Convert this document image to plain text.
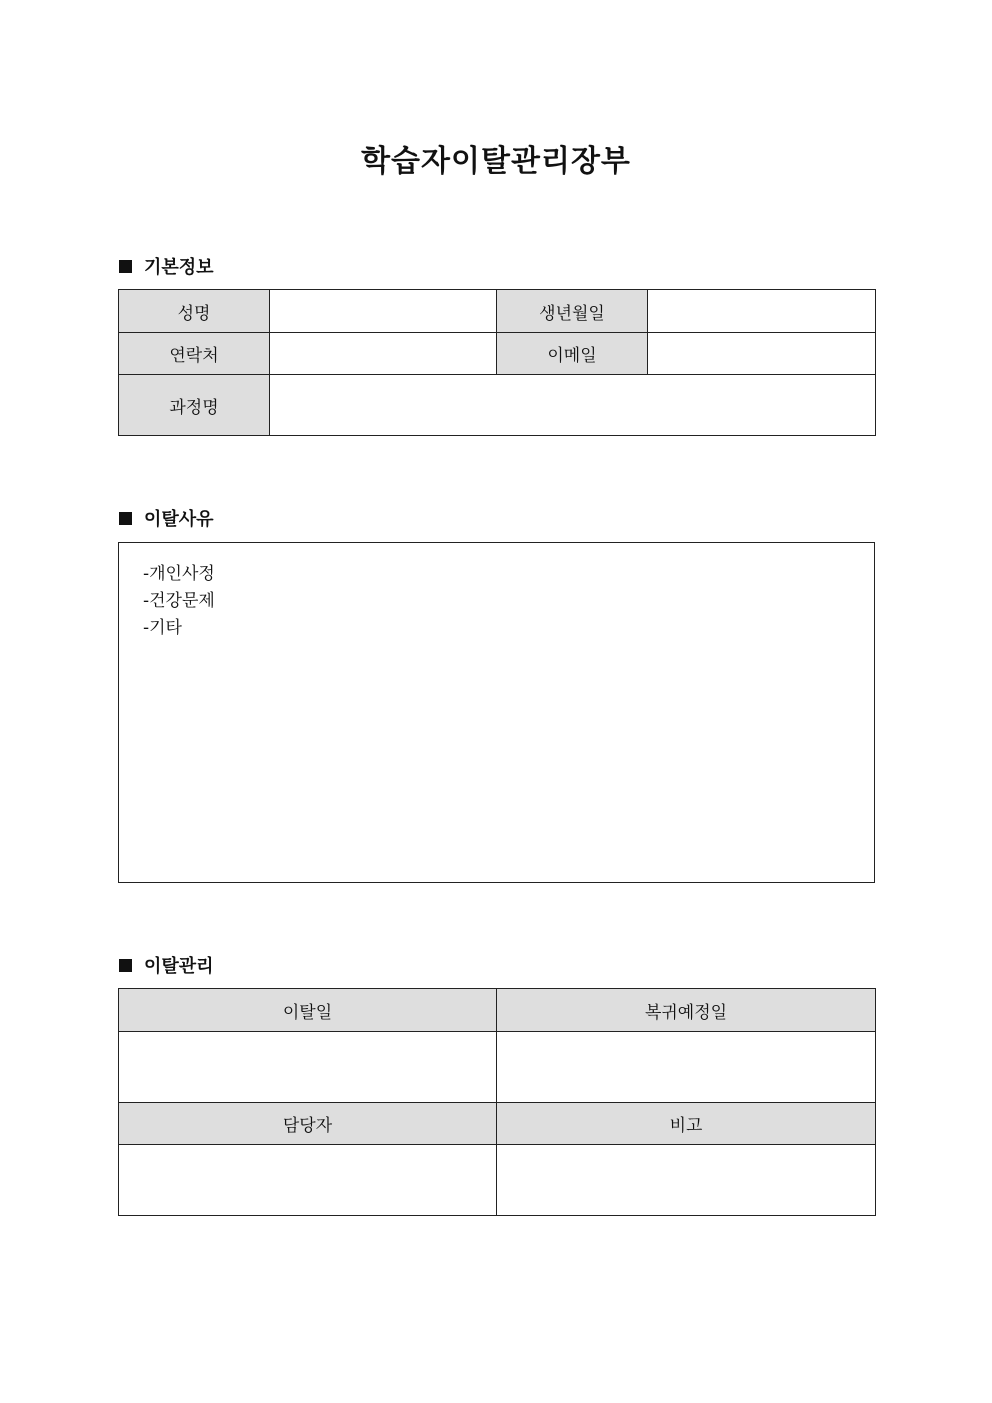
학습자이탈관리장부
기본정보
성명		생년월일	
연락처		이메일	
과정명			
이탈사유
-개인사정
-건강문제
-기타
이탈관리
이탈일	복귀예정일

담당자	비고
